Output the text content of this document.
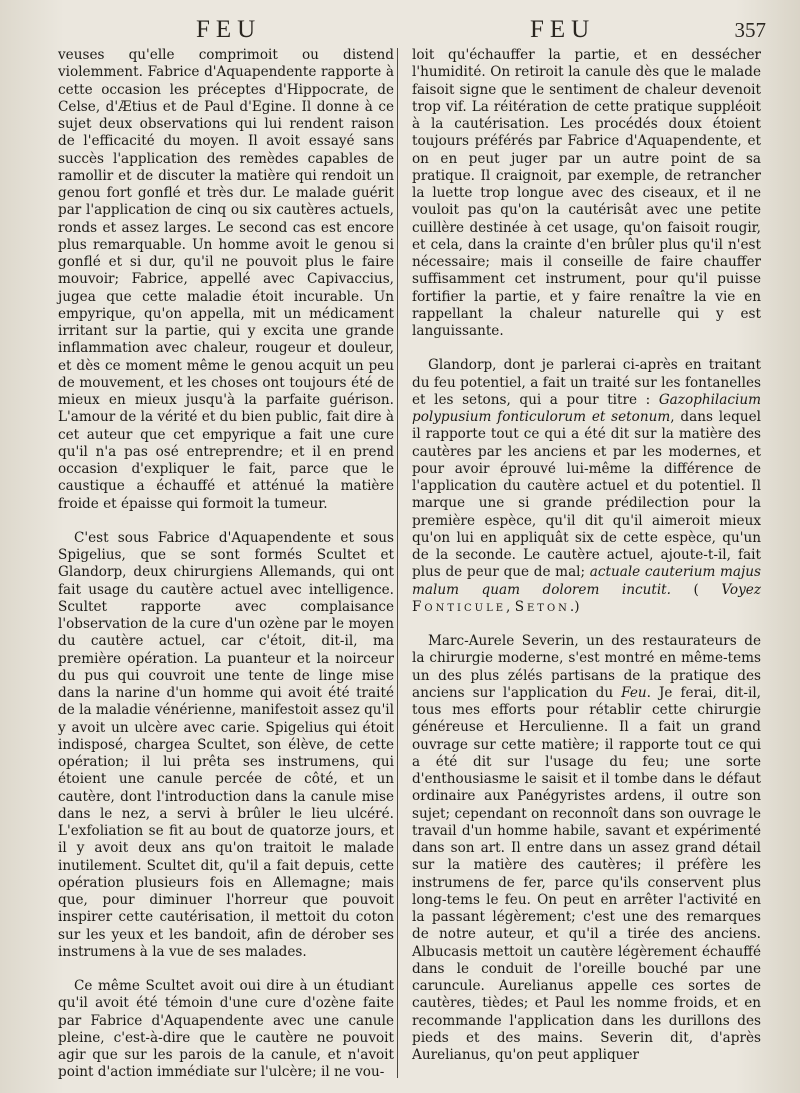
FEU	FEU	357

veuses qu'elle comprimoit ou distend violemment. Fabrice d'Aquapendente rapporte à cette occasion les préceptes d'Hippocrate, de Celse, d'Ætius et de Paul d'Egine. Il donne à ce sujet deux observations qui lui rendent raison de l'efficacité du moyen. Il avoit essayé sans succès l'application des remèdes capables de ramollir et de discuter la matière qui rendoit un genou fort gonflé et très dur. Le malade guérit par l'application de cinq ou six cautères actuels, ronds et assez larges. Le second cas est encore plus remarquable. Un homme avoit le genou si gonflé et si dur, qu'il ne pouvoit plus le faire mouvoir; Fabrice, appellé avec Capivaccius, jugea que cette maladie étoit incurable. Un empyrique, qu'on appella, mit un médicament irritant sur la partie, qui y excita une grande inflammation avec chaleur, rougeur et douleur, et dès ce moment même le genou acquit un peu de mouvement, et les choses ont toujours été de mieux en mieux jusqu'à la parfaite guérison. L'amour de la vérité et du bien public, fait dire à cet auteur que cet empyrique a fait une cure qu'il n'a pas osé entreprendre; et il en prend occasion d'expliquer le fait, parce que le caustique a échauffé et atténué la matière froide et épaisse qui formoit la tumeur.

C'est sous Fabrice d'Aquapendente et sous Spigelius, que se sont formés Scultet et Glandorp, deux chirurgiens Allemands, qui ont fait usage du cautère actuel avec intelligence. Scultet rapporte avec complaisance l'observation de la cure d'un ozène par le moyen du cautère actuel, car c'étoit, dit-il, ma première opération. La puanteur et la noirceur du pus qui couvroit une tente de linge mise dans la narine d'un homme qui avoit été traité de la maladie vénérienne, manifestoit assez qu'il y avoit un ulcère avec carie. Spigelius qui étoit indisposé, chargea Scultet, son élève, de cette opération; il lui prêta ses instrumens, qui étoient une canule percée de côté, et un cautère, dont l'introduction dans la canule mise dans le nez, a servi à brûler le lieu ulcéré. L'exfoliation se fit au bout de quatorze jours, et il y avoit deux ans qu'on traitoit le malade inutilement. Scultet dit, qu'il a fait depuis, cette opération plusieurs fois en Allemagne; mais que, pour diminuer l'horreur que pouvoit inspirer cette cautérisation, il mettoit du coton sur les yeux et les bandoit, afin de dérober ses instrumens à la vue de ses malades.

Ce même Scultet avoit oui dire à un étudiant qu'il avoit été témoin d'une cure d'ozène faite par Fabrice d'Aquapendente avec une canule pleine, c'est-à-dire que le cautère ne pouvoit agir que sur les parois de la canule, et n'avoit point d'action immédiate sur l'ulcère; il ne vou-

loit qu'échauffer la partie, et en dessécher l'humidité. On retiroit la canule dès que le malade faisoit signe que le sentiment de chaleur devenoit trop vif. La réitération de cette pratique suppléoit à la cautérisation. Les procédés doux étoient toujours préférés par Fabrice d'Aquapendente, et on en peut juger par un autre point de sa pratique. Il craignoit, par exemple, de retrancher la luette trop longue avec des ciseaux, et il ne vouloit pas qu'on la cautérisât avec une petite cuillère destinée à cet usage, qu'on faisoit rougir, et cela, dans la crainte d'en brûler plus qu'il n'est nécessaire; mais il conseille de faire chauffer suffisamment cet instrument, pour qu'il puisse fortifier la partie, et y faire renaître la vie en rappellant la chaleur naturelle qui y est languissante.

Glandorp, dont je parlerai ci-après en traitant du feu potentiel, a fait un traité sur les fontanelles et les setons, qui a pour titre : Gazophilacium polypusium fonticulorum et setonum, dans lequel il rapporte tout ce qui a été dit sur la matière des cautères par les anciens et par les modernes, et pour avoir éprouvé lui-même la différence de l'application du cautère actuel et du potentiel. Il marque une si grande prédilection pour la première espèce, qu'il dit qu'il aimeroit mieux qu'on lui en appliquât six de cette espèce, qu'un de la seconde. Le cautère actuel, ajoute-t-il, fait plus de peur que de mal; actuale cauterium majus malum quam dolorem incutit. ( Voyez Fonticule, Seton.)

Marc-Aurele Severin, un des restaurateurs de la chirurgie moderne, s'est montré en même-tems un des plus zélés partisans de la pratique des anciens sur l'application du Feu. Je ferai, dit-il, tous mes efforts pour rétablir cette chirurgie généreuse et Herculienne. Il a fait un grand ouvrage sur cette matière; il rapporte tout ce qui a été dit sur l'usage du feu; une sorte d'enthousiasme le saisit et il tombe dans le défaut ordinaire aux Panégyristes ardens, il outre son sujet; cependant on reconnoît dans son ouvrage le travail d'un homme habile, savant et expérimenté dans son art. Il entre dans un assez grand détail sur la matière des cautères; il préfère les instrumens de fer, parce qu'ils conservent plus long-tems le feu. On peut en arrêter l'activité en la passant légèrement; c'est une des remarques de notre auteur, et qu'il a tirée des anciens. Albucasis mettoit un cautère légèrement échauffé dans le conduit de l'oreille bouché par une caruncule. Aurelianus appelle ces sortes de cautères, tièdes; et Paul les nomme froids, et en recommande l'application dans les durillons des pieds et des mains. Severin dit, d'après Aurelianus, qu'on peut appliquer
